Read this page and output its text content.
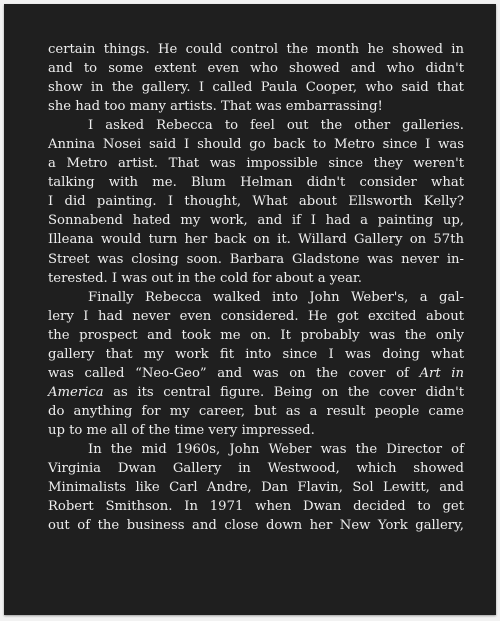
certain things. He could control the month he showed in
and to some extent even who showed and who didn't
show in the gallery. I called Paula Cooper, who said that
she had too many artists. That was embarrassing!
I asked Rebecca to feel out the other galleries.
Annina Nosei said I should go back to Metro since I was
a Metro artist. That was impossible since they weren't
talking with me. Blum Helman didn't consider what
I did painting. I thought, What about Ellsworth Kelly?
Sonnabend hated my work, and if I had a painting up,
Illeana would turn her back on it. Willard Gallery on 57th
Street was closing soon. Barbara Gladstone was never in-
terested. I was out in the cold for about a year.
Finally Rebecca walked into John Weber's, a gal-
lery I had never even considered. He got excited about
the prospect and took me on. It probably was the only
gallery that my work fit into since I was doing what
was called “Neo-Geo” and was on the cover of Art in
America as its central figure. Being on the cover didn't
do anything for my career, but as a result people came
up to me all of the time very impressed.
In the mid 1960s, John Weber was the Director of
Virginia Dwan Gallery in Westwood, which showed
Minimalists like Carl Andre, Dan Flavin, Sol Lewitt, and
Robert Smithson. In 1971 when Dwan decided to get
out of the business and close down her New York gallery,
